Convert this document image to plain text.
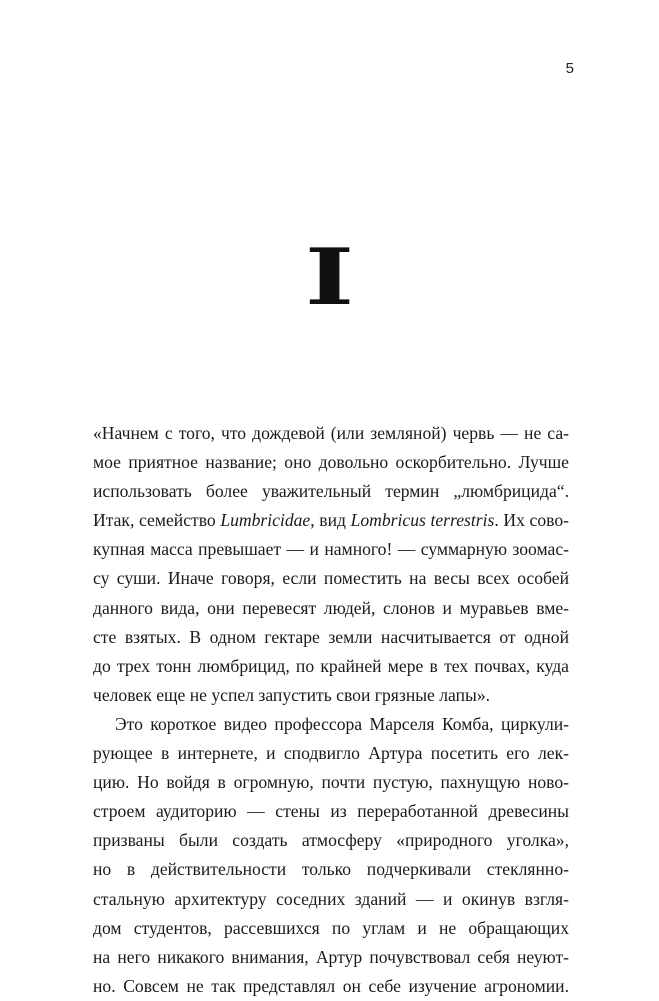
5
I
«Начнем с того, что дождевой (или земляной) червь — не са-
мое приятное название; оно довольно оскорбительно. Лучше
использовать более уважительный термин „люмбрицида“.
Итак, семейство Lumbricidae, вид Lombricus terrestris. Их сово-
купная масса превышает — и намного! — суммарную зоомас-
су суши. Иначе говоря, если поместить на весы всех особей
данного вида, они перевесят людей, слонов и муравьев вме-
сте взятых. В одном гектаре земли насчитывается от одной
до трех тонн люмбрицид, по крайней мере в тех почвах, куда
человек еще не успел запустить свои грязные лапы».
Это короткое видео профессора Марселя Комба, циркули-
рующее в интернете, и сподвигло Артура посетить его лек-
цию. Но войдя в огромную, почти пустую, пахнущую ново-
строем аудиторию — стены из переработанной древесины
призваны были создать атмосферу «природного уголка»,
но в действительности только подчеркивали стеклянно-
стальную архитектуру соседних зданий — и окинув взгля-
дом студентов, рассевшихся по углам и не обращающих
на него никакого внимания, Артур почувствовал себя неуют-
но. Совсем не так представлял он себе изучение агрономии.
